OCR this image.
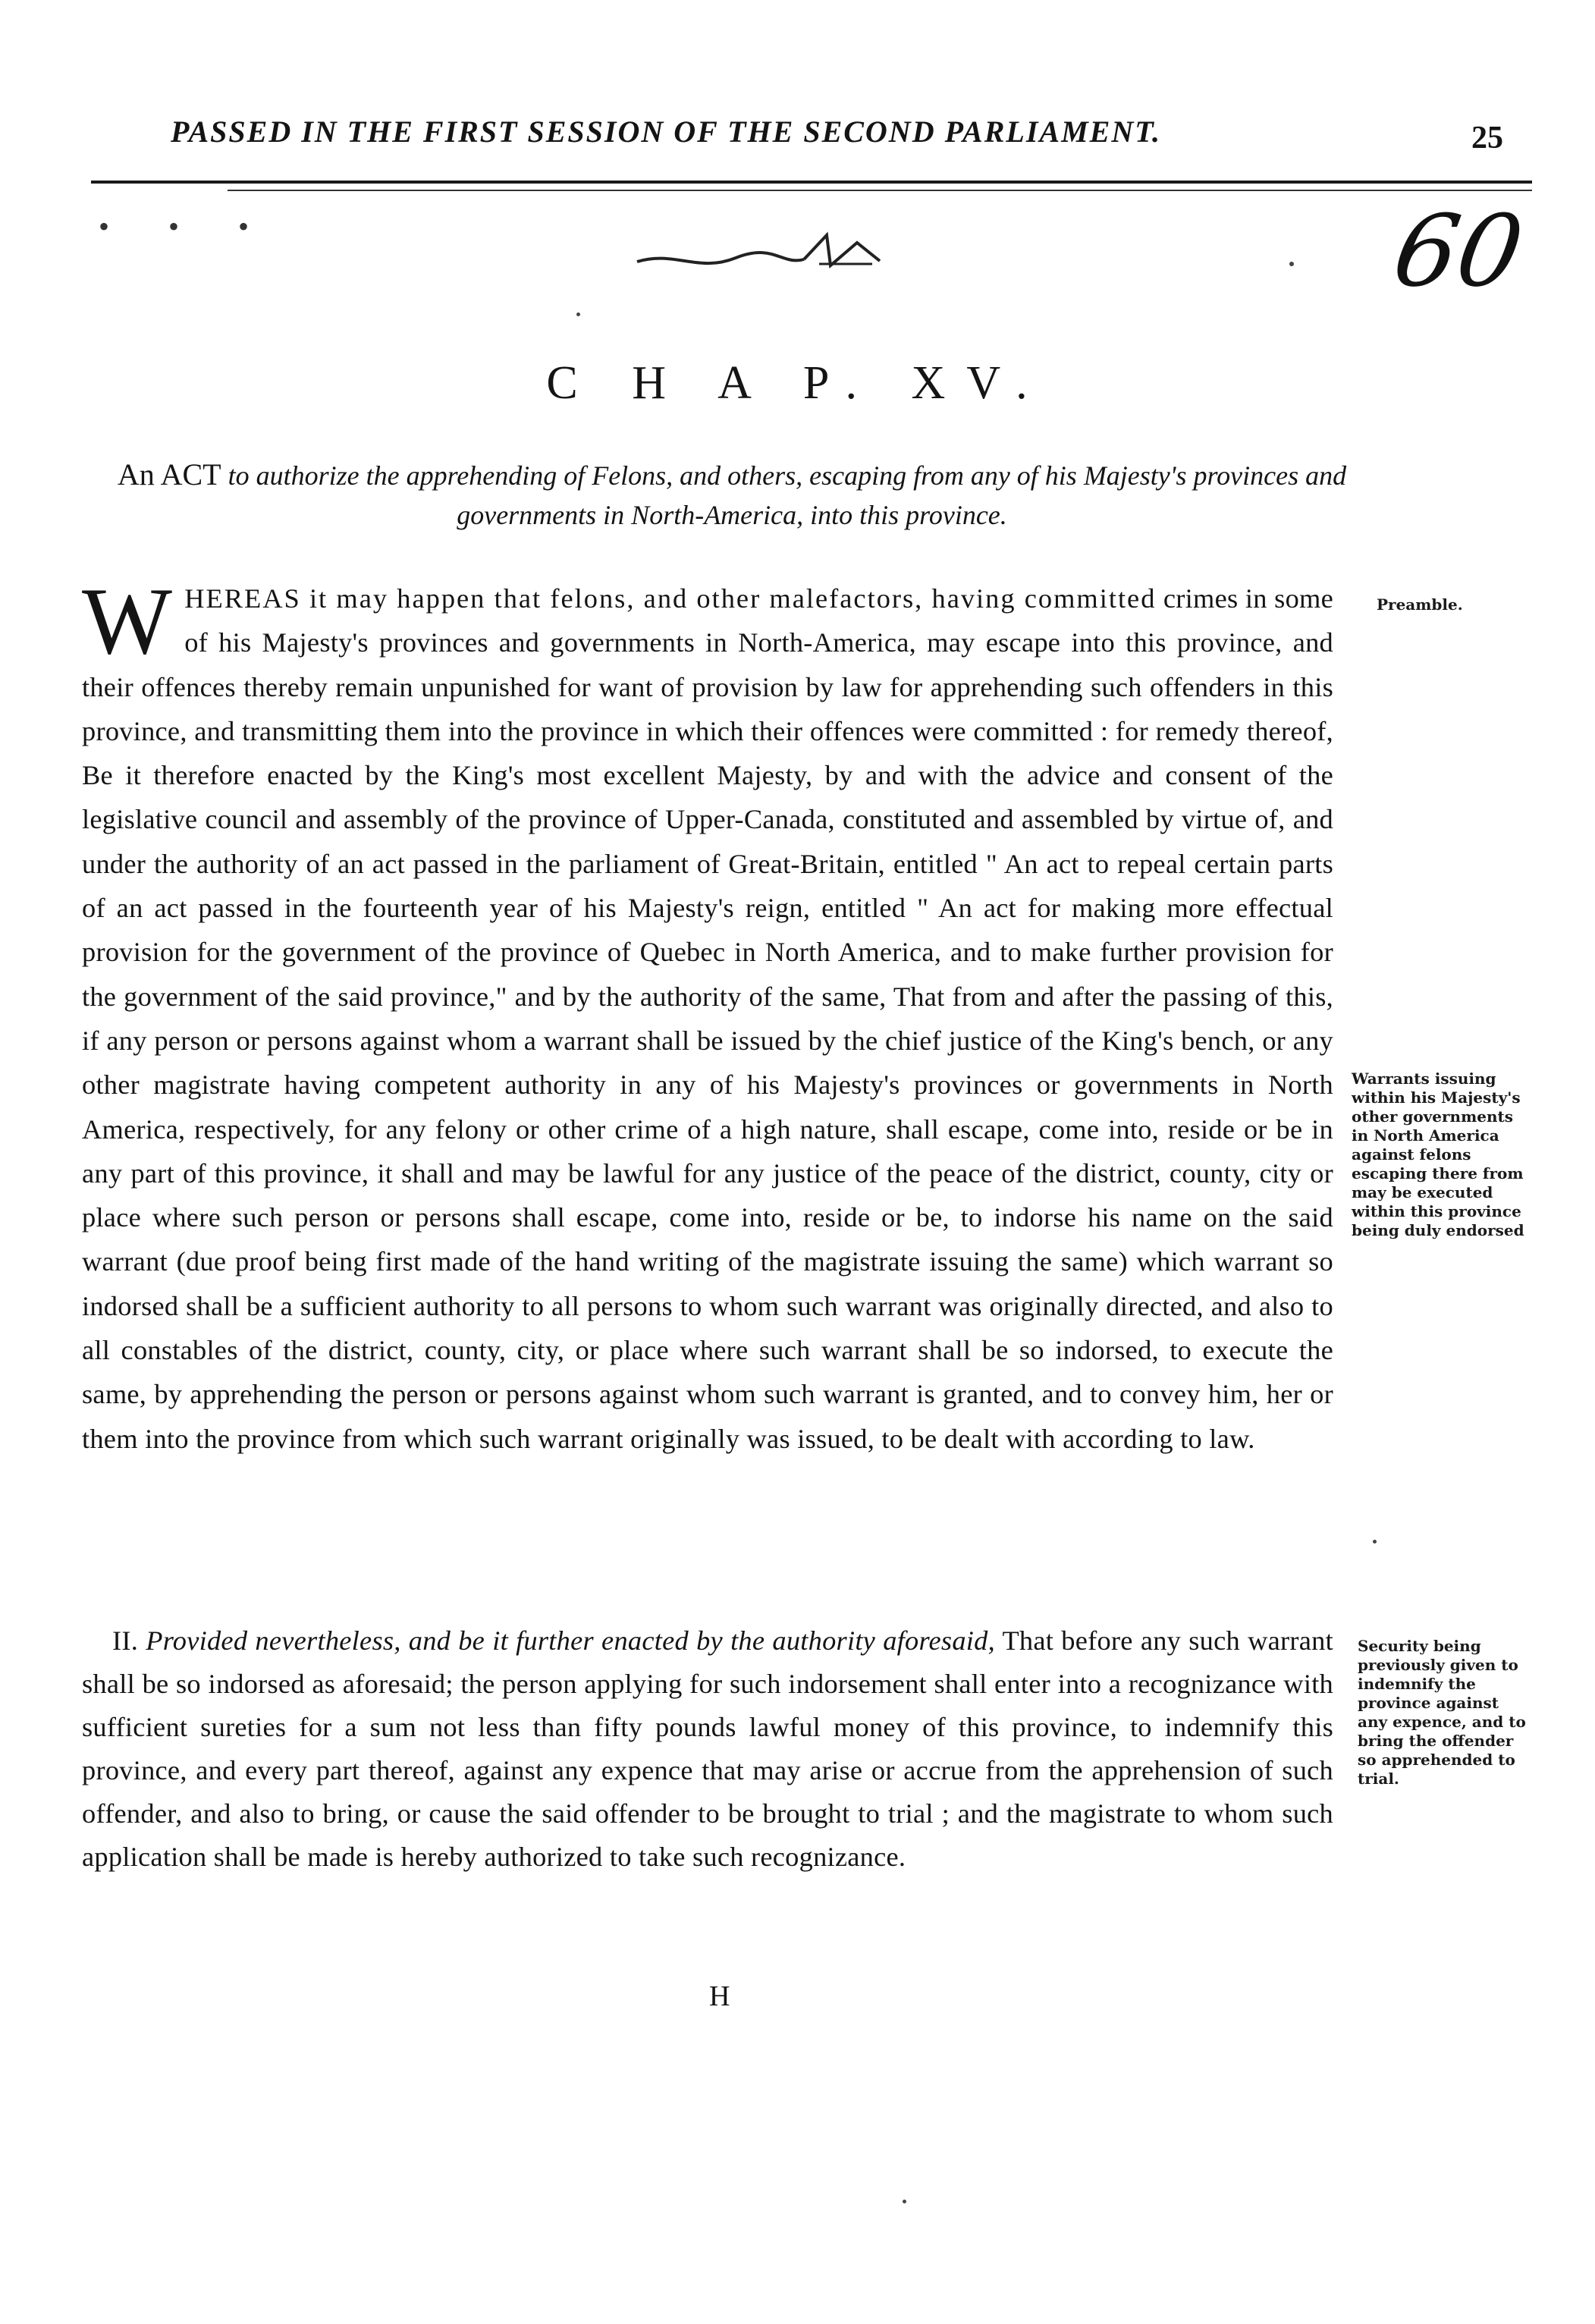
PASSED IN THE FIRST SESSION OF THE SECOND PARLIAMENT.	25
60
• • •
C H A P. XV.
An ACT to authorize the apprehending of Felons, and others, escaping from any of his Majesty's provinces and governments in North-America, into this province.

W HEREAS it may happen that felons, and other malefactors, having committed crimes in some of his Majesty's provinces and governments in North-America, may escape into this province, and their offences thereby remain unpunished for want of provision by law for apprehending such offenders in this province, and transmitting them into the province in which their offences were committed : for remedy thereof, Be it therefore enacted by the King's most excellent Majesty, by and with the advice and consent of the legislative council and assembly of the province of Upper-Canada, constituted and assembled by virtue of, and under the authority of an act passed in the parliament of Great-Britain, entitled " An act to repeal certain parts of an act passed in the fourteenth year of his Majesty's reign, entitled " An act for making more effectual provision for the government of the province of Quebec in North America, and to make further provision for the government of the said province," and by the authority of the same, That from and after the passing of this, if any person or persons against whom a warrant shall be issued by the chief justice of the King's bench, or any other magistrate having competent authority in any of his Majesty's provinces or governments in North America, respectively, for any felony or other crime of a high nature, shall escape, come into, reside or be in any part of this province, it shall and may be lawful for any justice of the peace of the district, county, city or place where such person or persons shall escape, come into, reside or be, to indorse his name on the said warrant (due proof being first made of the hand writing of the magistrate issuing the same) which warrant so indorsed shall be a sufficient authority to all persons to whom such warrant was originally directed, and also to all constables of the district, county, city, or place where such warrant shall be so indorsed, to execute the same, by apprehending the person or persons against whom such warrant is granted, and to convey him, her or them into the province from which such warrant originally was issued, to be dealt with according to law.

Preamble.
Warrants issuing within his Majesty's other governments in North America against felons escaping there from may be executed within this province being duly endorsed

II. Provided nevertheless, and be it further enacted by the authority aforesaid, That before any such warrant shall be so indorsed as aforesaid; the person applying for such indorsement shall enter into a recognizance with sufficient sureties for a sum not less than fifty pounds lawful money of this province, to indemnify this province, and every part thereof, against any expence that may arise or accrue from the apprehension of such offender, and also to bring, or cause the said offender to be brought to trial ; and the magistrate to whom such application shall be made is hereby authorized to take such recognizance.

Security being previously given to indemnify the province against any expence, and to bring the offender so apprehended to trial.
H
